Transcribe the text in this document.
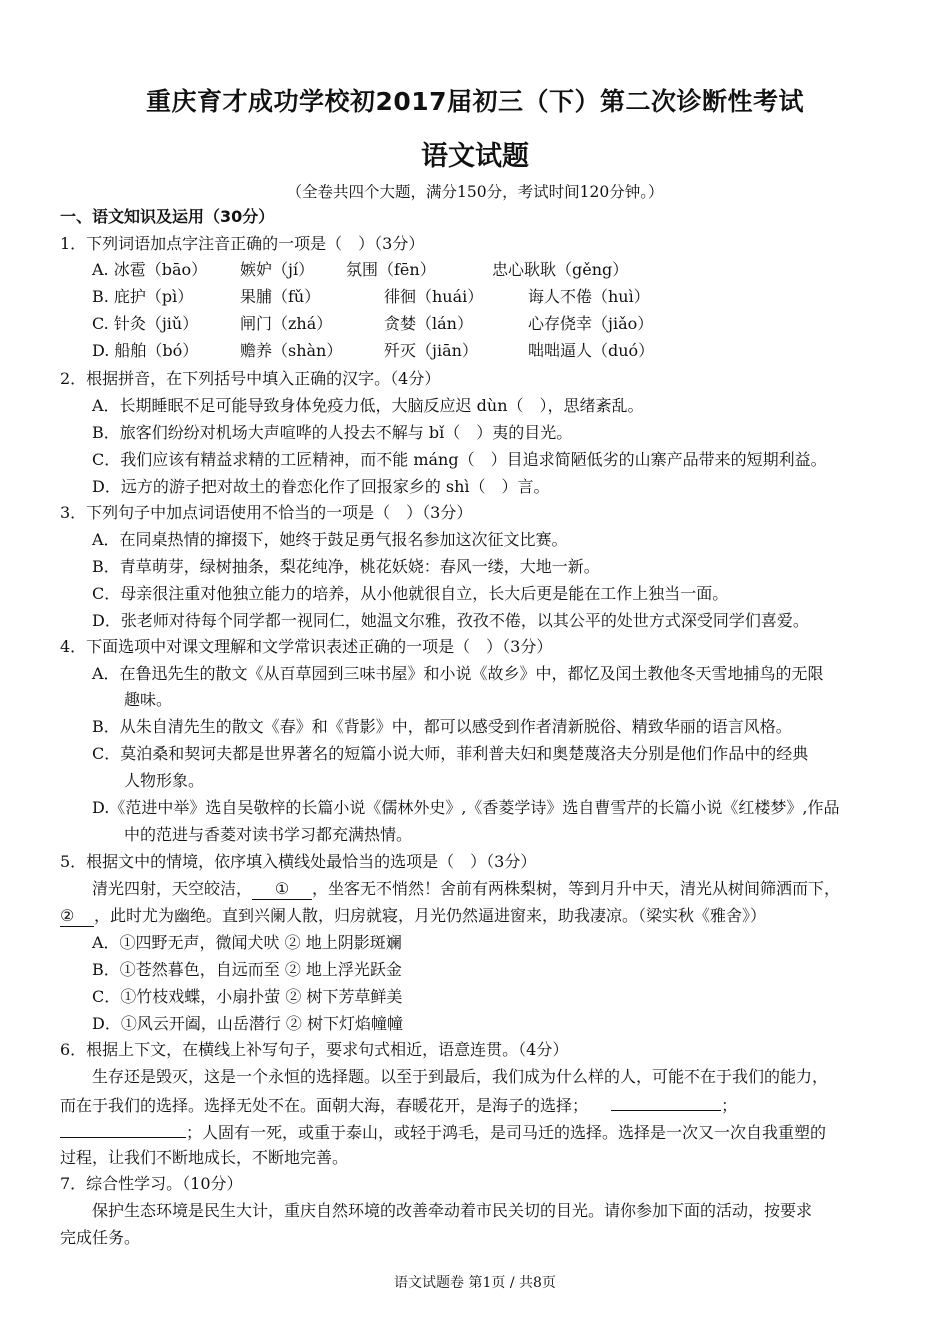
重庆育才成功学校初2017届初三（下）第二次诊断性考试
语文试题
（全卷共四个大题，满分150分，考试时间120分钟。）
一、语文知识及运用（30分）
1．下列词语加点字注音正确的一项是（　）（3分）
A. 冰雹（bāo） 嫉妒（jí） 氛围（fēn）	忠心耿耿（gěng）
B. 庇护（pì）	果脯（fǔ）	徘徊（huái）	诲人不倦（huì）
C. 针灸（jiǔ）	闸门（zhá）	贪婪（lán）	心存侥幸（jiǎo）
D. 船舶（bó）	赡养（shàn）	歼灭（jiān）	咄咄逼人（duó）
2．根据拼音，在下列括号中填入正确的汉字。（4分）
A．长期睡眠不足可能导致身体免疫力低，大脑反应迟 dùn（　），思绪紊乱。
B．旅客们纷纷对机场大声喧哗的人投去不解与 bǐ（　）夷的目光。
C．我们应该有精益求精的工匠精神，而不能 máng（　）目追求简陋低劣的山寨产品带来的短期利益。
D．远方的游子把对故土的眷恋化作了回报家乡的 shì（　）言。
3．下列句子中加点词语使用不恰当的一项是（　）（3分）
A．在同桌热情的撺掇下，她终于鼓足勇气报名参加这次征文比赛。
B．青草萌芽，绿树抽条，梨花纯净，桃花妖娆：春风一缕，大地一新。
C．母亲很注重对他独立能力的培养，从小他就很自立，长大后更是能在工作上独当一面。
D．张老师对待每个同学都一视同仁，她温文尔雅，孜孜不倦，以其公平的处世方式深受同学们喜爱。
4．下面选项中对课文理解和文学常识表述正确的一项是（　）（3分）
A．在鲁迅先生的散文《从百草园到三味书屋》和小说《故乡》中，都忆及闰土教他冬天雪地捕鸟的无限
趣味。
B．从朱自清先生的散文《春》和《背影》中，都可以感受到作者清新脱俗、精致华丽的语言风格。
C．莫泊桑和契诃夫都是世界著名的短篇小说大师，菲利普夫妇和奥楚蔑洛夫分别是他们作品中的经典
人物形象。
D.《范进中举》选自吴敬梓的长篇小说《儒林外史》,《香菱学诗》选自曹雪芹的长篇小说《红楼梦》,作品
中的范进与香菱对读书学习都充满热情。
5．根据文中的情境，依序填入横线处最恰当的选项是（　）（3分）
清光四射，天空皎洁， ① ，坐客无不悄然！舍前有两株梨树，等到月升中天，清光从树间筛洒而下，
② ，此时尤为幽绝。直到兴阑人散，归房就寝，月光仍然逼进窗来，助我凄凉。（梁实秋《雅舍》）
A．①四野无声，微闻犬吠 ② 地上阴影斑斓
B．①苍然暮色，自远而至 ② 地上浮光跃金
C．①竹枝戏蝶，小扇扑萤 ② 树下芳草鲜美
D．①风云开阖，山岳潜行 ② 树下灯焰幢幢
6．根据上下文，在横线上补写句子，要求句式相近，语意连贯。（4分）
生存还是毁灭，这是一个永恒的选择题。以至于到最后，我们成为什么样的人，可能不在于我们的能力，
而在于我们的选择。选择无处不在。面朝大海，春暖花开，是海子的选择；	；
；人固有一死，或重于泰山，或轻于鸿毛，是司马迁的选择。选择是一次又一次自我重塑的
过程，让我们不断地成长，不断地完善。
7．综合性学习。（10分）
保护生态环境是民生大计，重庆自然环境的改善牵动着市民关切的目光。请你参加下面的活动，按要求
完成任务。
语文试题卷 第1页 / 共8页
